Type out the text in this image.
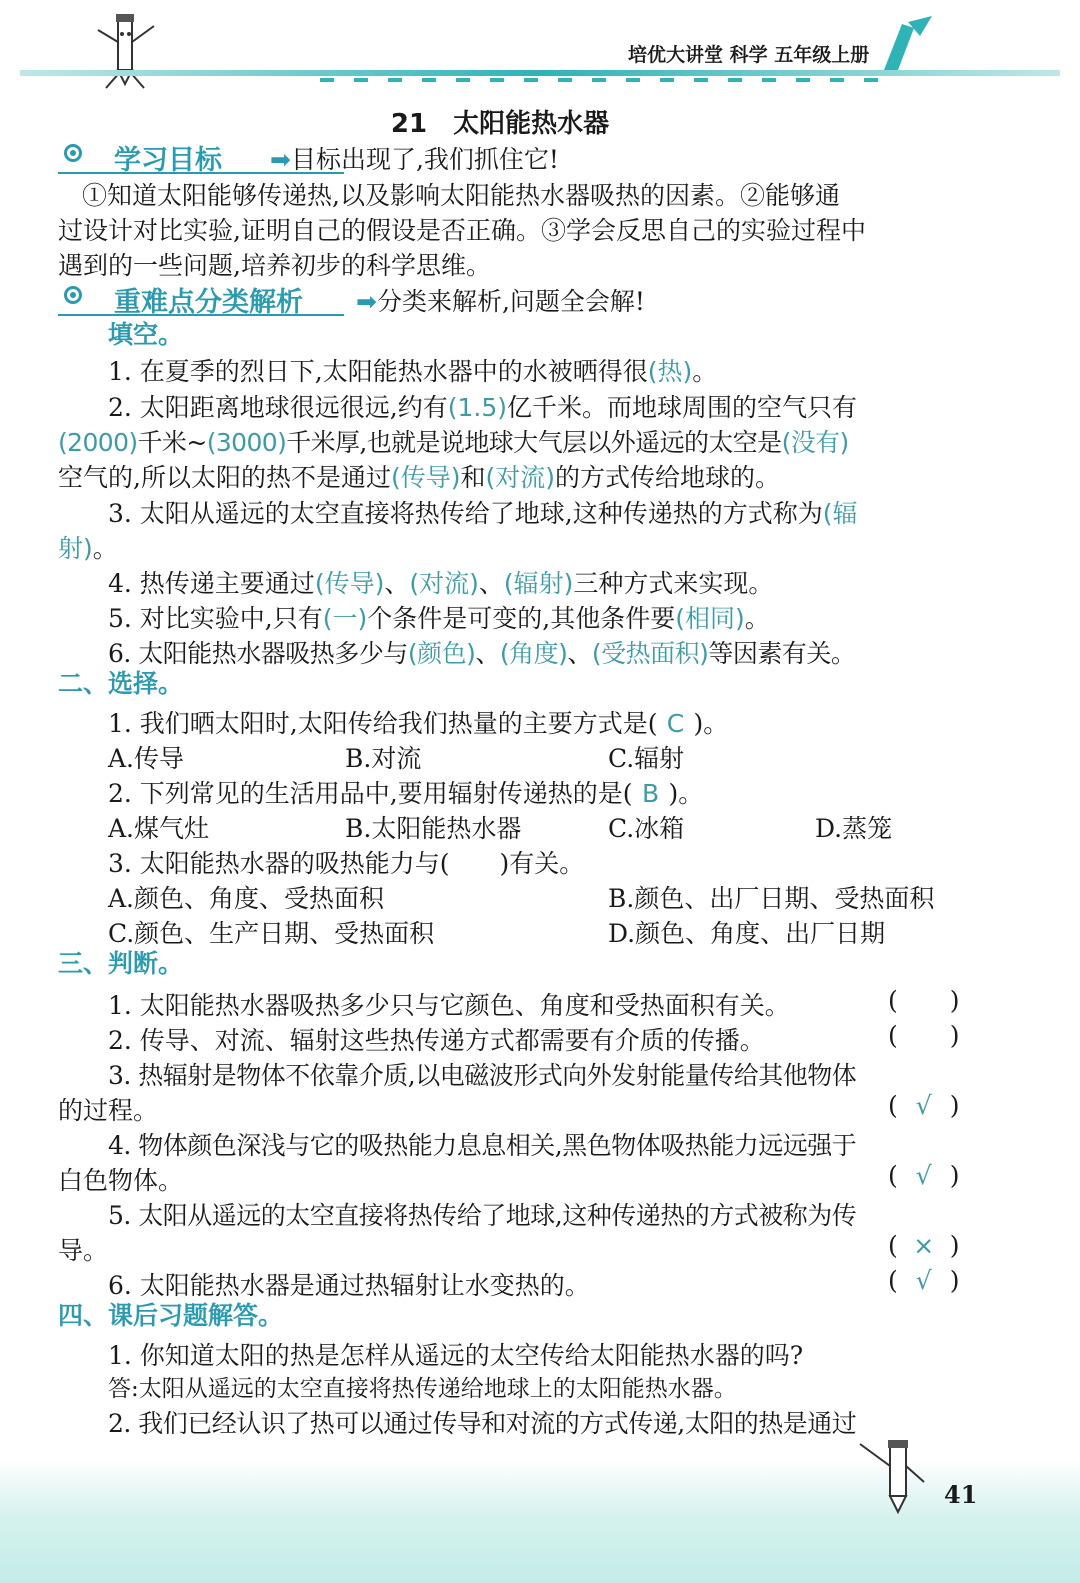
培优大讲堂 科学 五年级上册
21　太阳能热水器
学习目标 ➡目标出现了,我们抓住它!
①知道太阳能够传递热,以及影响太阳能热水器吸热的因素。②能够通
过设计对比实验,证明自己的假设是否正确。③学会反思自己的实验过程中
遇到的一些问题,培养初步的科学思维。
重难点分类解析 ➡分类来解析,问题全会解!
填空。
1. 在夏季的烈日下,太阳能热水器中的水被晒得很(热)。
2. 太阳距离地球很远很远,约有(1.5)亿千米。而地球周围的空气只有
(2000)千米~(3000)千米厚,也就是说地球大气层以外遥远的太空是(没有)
空气的,所以太阳的热不是通过(传导)和(对流)的方式传给地球的。
3. 太阳从遥远的太空直接将热传给了地球,这种传递热的方式称为(辐
射)。
4. 热传递主要通过(传导)、(对流)、(辐射)三种方式来实现。
5. 对比实验中,只有(一)个条件是可变的,其他条件要(相同)。
6. 太阳能热水器吸热多少与(颜色)、(角度)、(受热面积)等因素有关。
二、选择。
1. 我们晒太阳时,太阳传给我们热量的主要方式是( C )。
A.传导	B.对流	C.辐射
2. 下列常见的生活用品中,要用辐射传递热的是( B )。
A.煤气灶	B.太阳能热水器	C.冰箱	D.蒸笼
3. 太阳能热水器的吸热能力与(　　)有关。
A.颜色、角度、受热面积	B.颜色、出厂日期、受热面积
C.颜色、生产日期、受热面积	D.颜色、角度、出厂日期
三、判断。
1. 太阳能热水器吸热多少只与它颜色、角度和受热面积有关。	( )
2. 传导、对流、辐射这些热传递方式都需要有介质的传播。	( )
3. 热辐射是物体不依靠介质,以电磁波形式向外发射能量传给其他物体
的过程。	( √ )
4. 物体颜色深浅与它的吸热能力息息相关,黑色物体吸热能力远远强于
白色物体。	( √ )
5. 太阳从遥远的太空直接将热传给了地球,这种传递热的方式被称为传
导。	( × )
6. 太阳能热水器是通过热辐射让水变热的。	( √ )
四、课后习题解答。
1. 你知道太阳的热是怎样从遥远的太空传给太阳能热水器的吗?
答:太阳从遥远的太空直接将热传递给地球上的太阳能热水器。
2. 我们已经认识了热可以通过传导和对流的方式传递,太阳的热是通过
41
